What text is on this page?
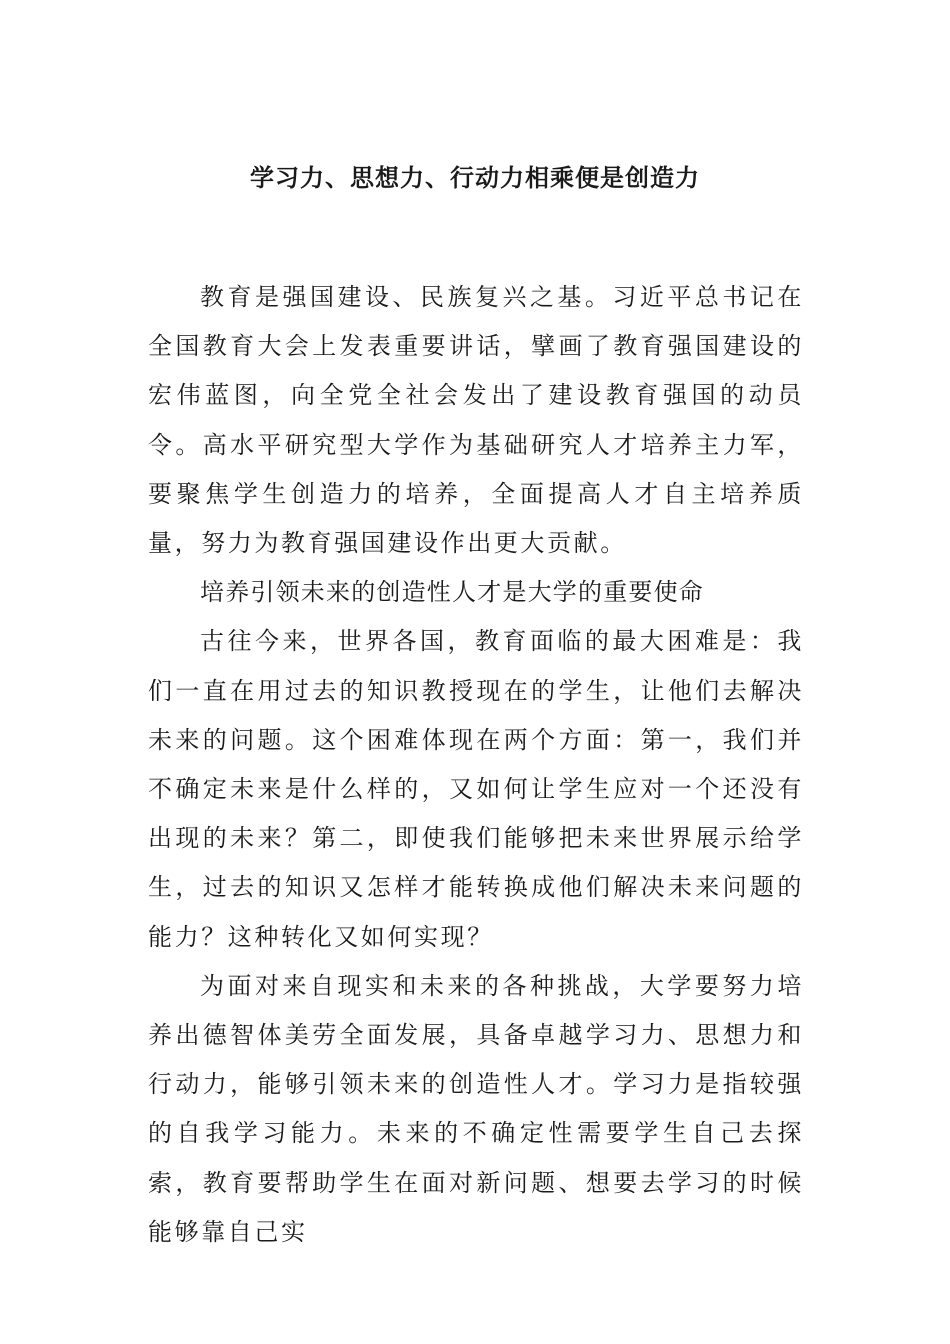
学习力、思想力、行动力相乘便是创造力

教育是强国建设、民族复兴之基。习近平总书记在全国教育大会上发表重要讲话，擘画了教育强国建设的宏伟蓝图，向全党全社会发出了建设教育强国的动员令。高水平研究型大学作为基础研究人才培养主力军，要聚焦学生创造力的培养，全面提高人才自主培养质量，努力为教育强国建设作出更大贡献。

培养引领未来的创造性人才是大学的重要使命

古往今来，世界各国，教育面临的最大困难是：我们一直在用过去的知识教授现在的学生，让他们去解决未来的问题。这个困难体现在两个方面：第一，我们并不确定未来是什么样的，又如何让学生应对一个还没有出现的未来？第二，即使我们能够把未来世界展示给学生，过去的知识又怎样才能转换成他们解决未来问题的能力？这种转化又如何实现？

为面对来自现实和未来的各种挑战，大学要努力培养出德智体美劳全面发展，具备卓越学习力、思想力和行动力，能够引领未来的创造性人才。学习力是指较强的自我学习能力。未来的不确定性需要学生自己去探索，教育要帮助学生在面对新问题、想要去学习的时候能够靠自己实
